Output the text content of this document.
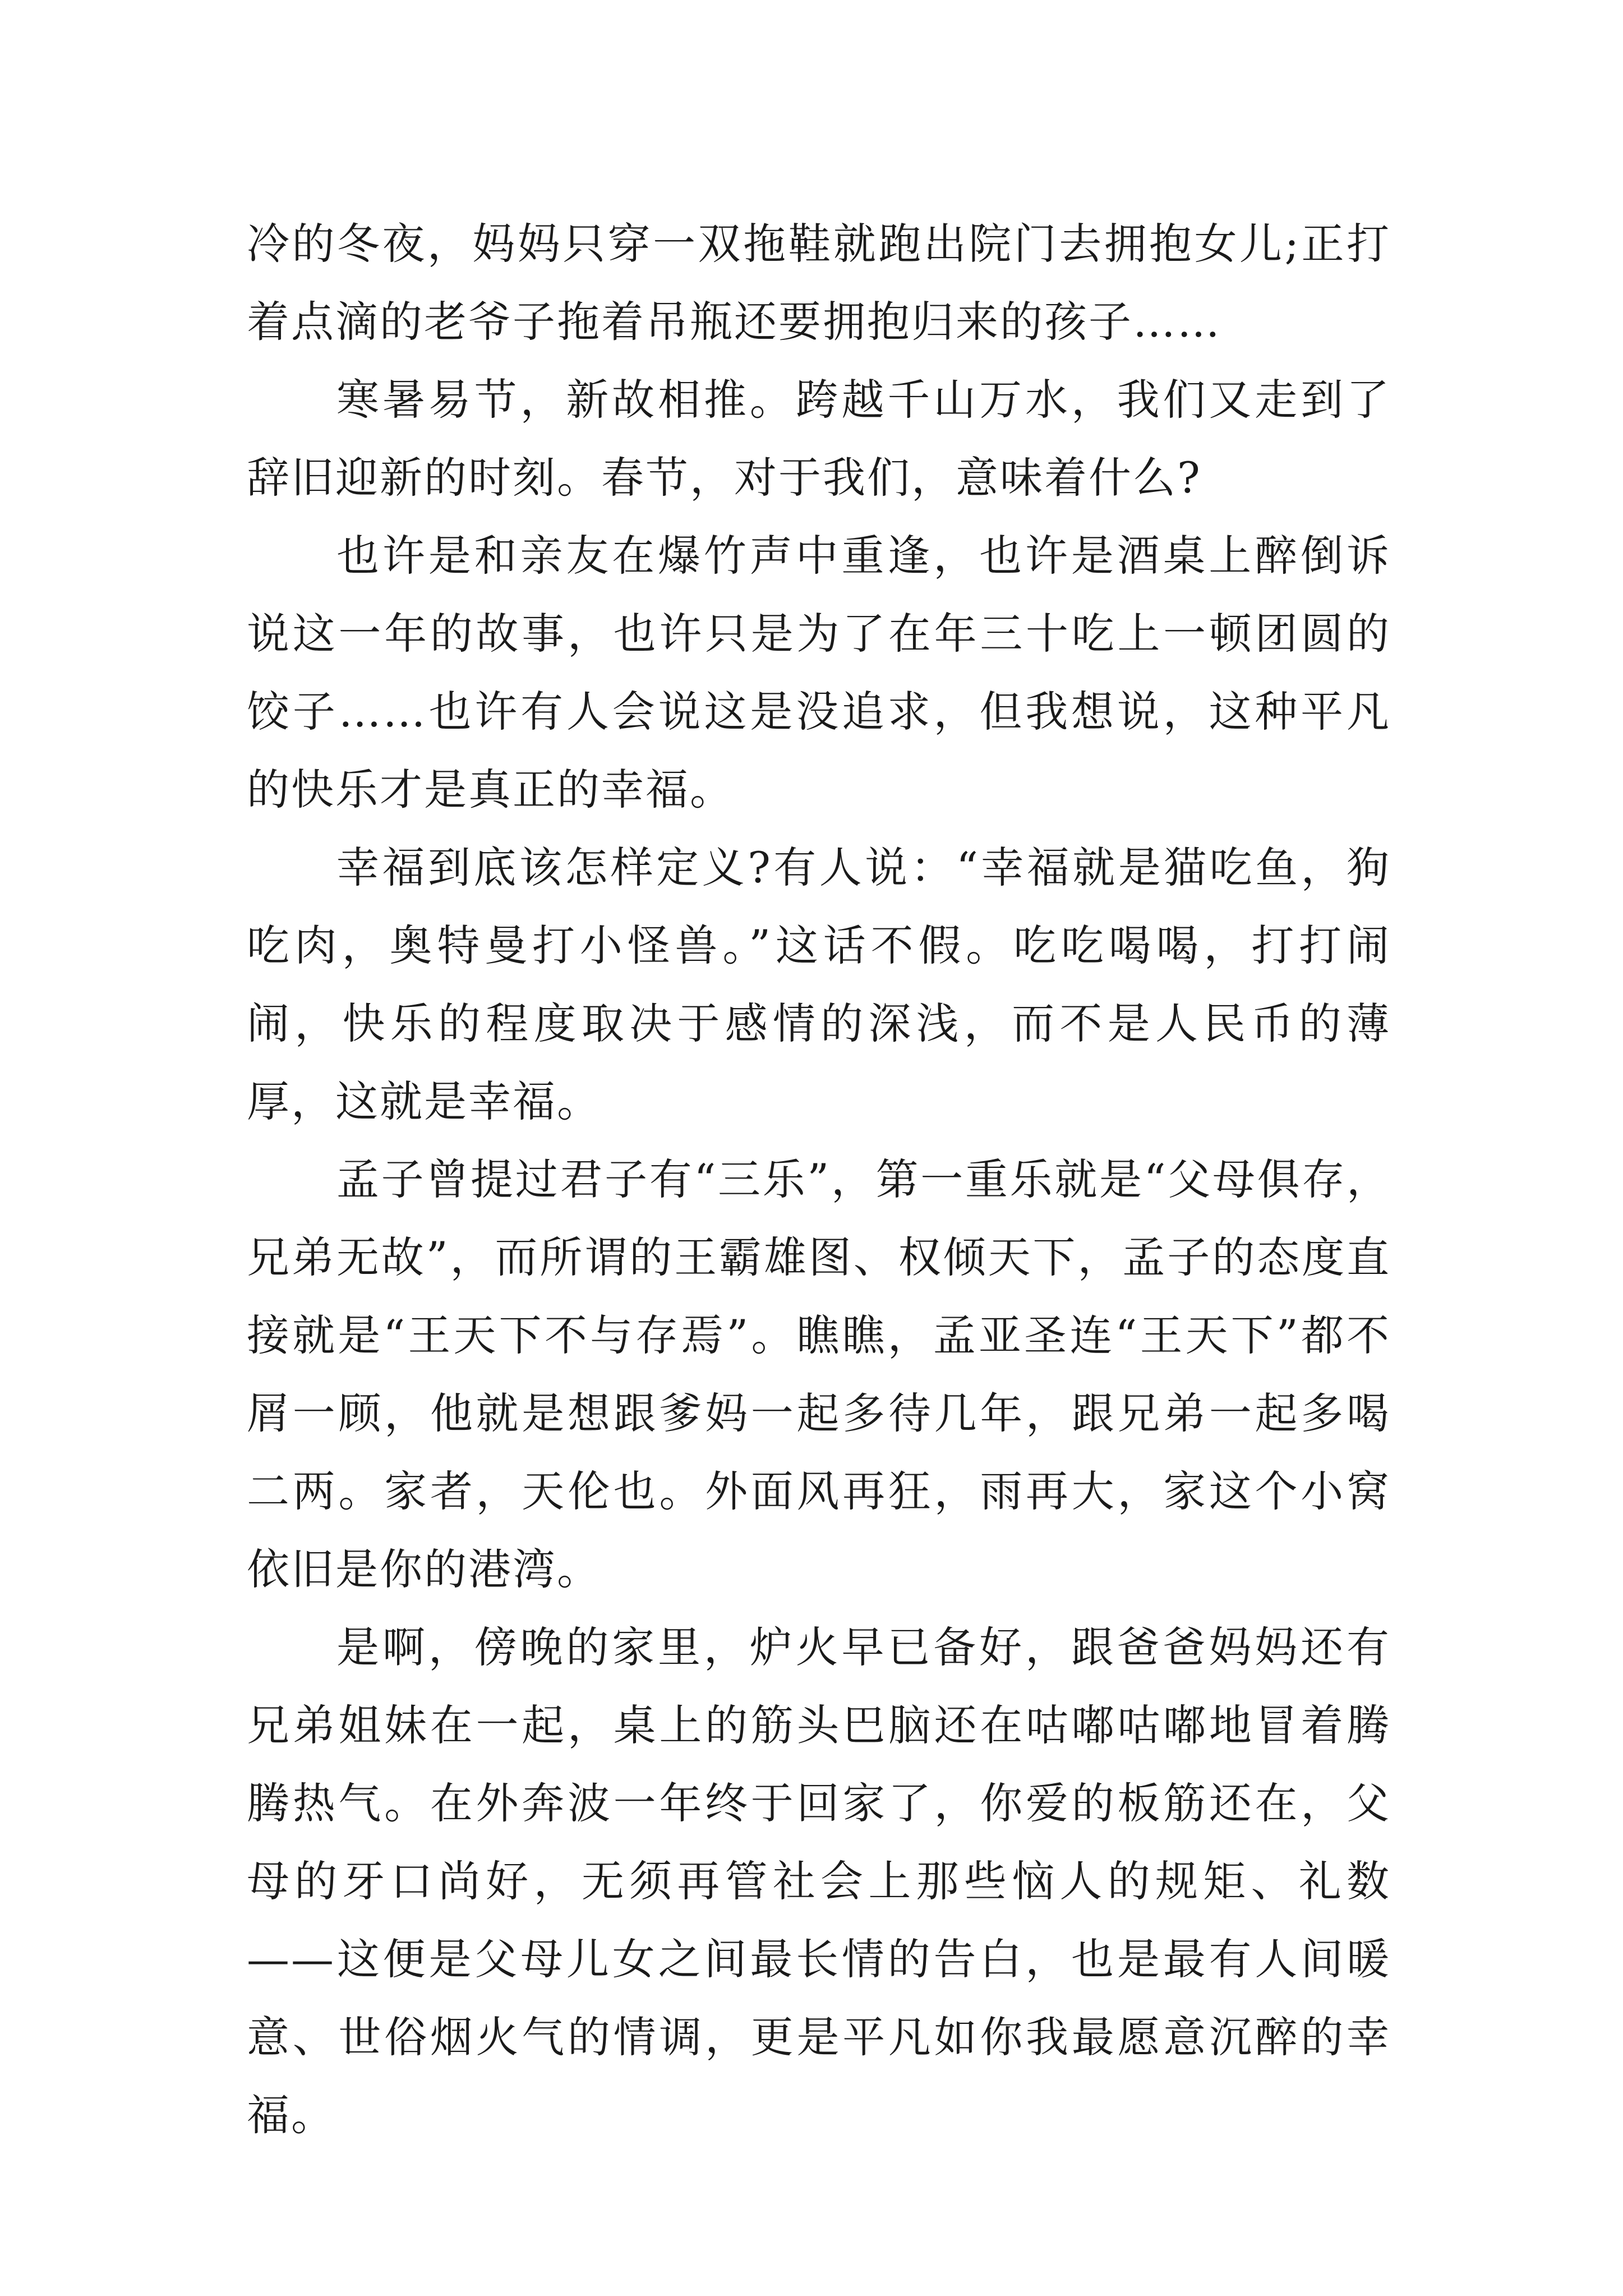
冷的冬夜，妈妈只穿一双拖鞋就跑出院门去拥抱女儿;正打着点滴的老爷子拖着吊瓶还要拥抱归来的孩子……

寒暑易节，新故相推。跨越千山万水，我们又走到了辞旧迎新的时刻。春节，对于我们，意味着什么?

也许是和亲友在爆竹声中重逢，也许是酒桌上醉倒诉说这一年的故事，也许只是为了在年三十吃上一顿团圆的饺子……也许有人会说这是没追求，但我想说，这种平凡的快乐才是真正的幸福。

幸福到底该怎样定义?有人说：“幸福就是猫吃鱼，狗吃肉，奥特曼打小怪兽。”这话不假。吃吃喝喝，打打闹闹，快乐的程度取决于感情的深浅，而不是人民币的薄厚，这就是幸福。

孟子曾提过君子有“三乐”，第一重乐就是“父母俱存，兄弟无故”，而所谓的王霸雄图、权倾天下，孟子的态度直接就是“王天下不与存焉”。瞧瞧，孟亚圣连“王天下”都不屑一顾，他就是想跟爹妈一起多待几年，跟兄弟一起多喝二两。家者，天伦也。外面风再狂，雨再大，家这个小窝依旧是你的港湾。

是啊，傍晚的家里，炉火早已备好，跟爸爸妈妈还有兄弟姐妹在一起，桌上的筋头巴脑还在咕嘟咕嘟地冒着腾腾热气。在外奔波一年终于回家了，你爱的板筋还在，父母的牙口尚好，无须再管社会上那些恼人的规矩、礼数——这便是父母儿女之间最长情的告白，也是最有人间暖意、世俗烟火气的情调，更是平凡如你我最愿意沉醉的幸福。
